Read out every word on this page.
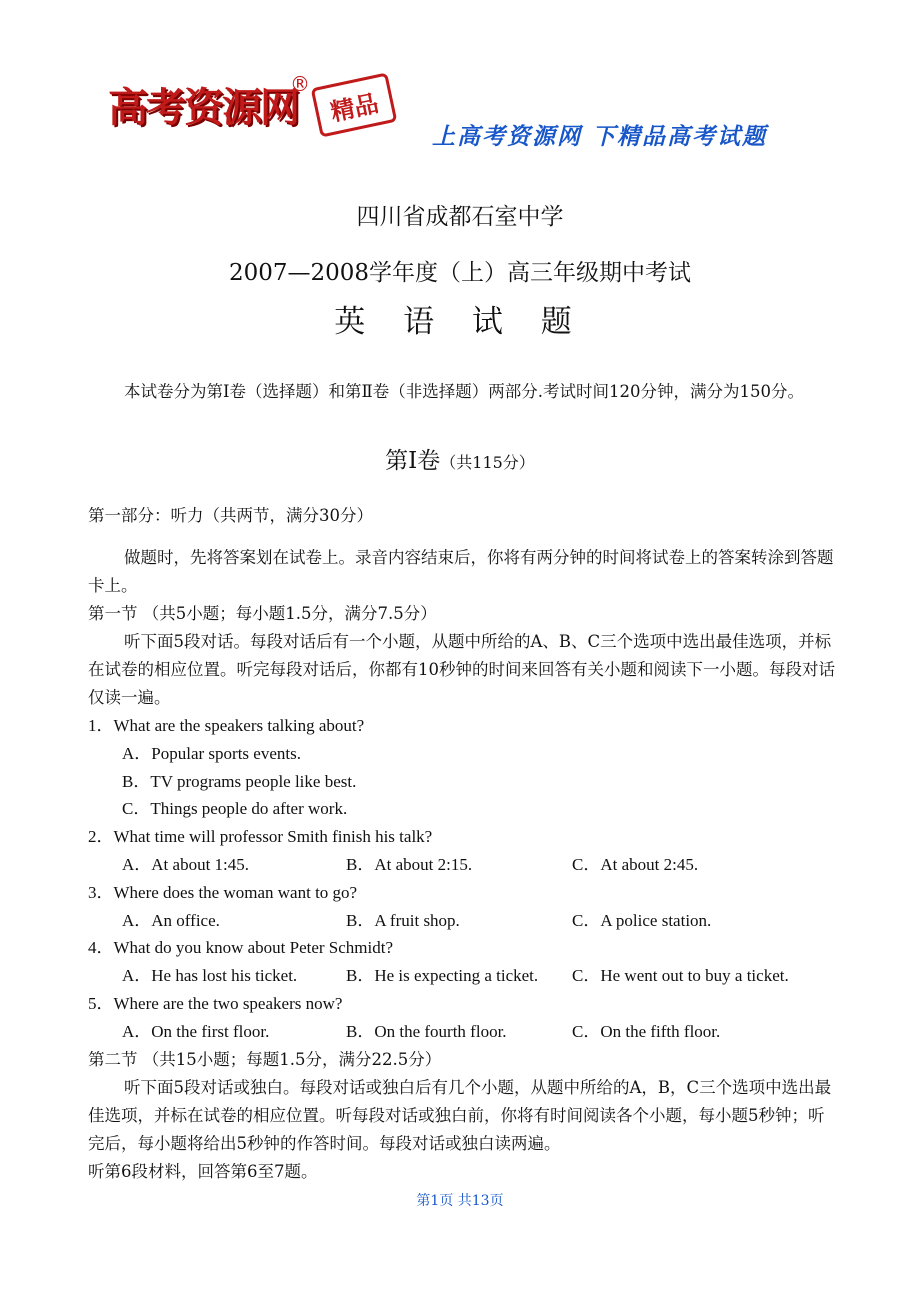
高考资源网
®
精品
上高考资源网 下精品高考试题
四川省成都石室中学
2007—2008学年度（上）高三年级期中考试
英 语 试 题
本试卷分为第Ⅰ卷（选择题）和第Ⅱ卷（非选择题）两部分.考试时间120分钟，满分为150分。
第Ⅰ卷（共115分）
第一部分：听力（共两节，满分30分）
做题时，先将答案划在试卷上。录音内容结束后，你将有两分钟的时间将试卷上的答案转涂到答题卡上。
第一节 （共5小题；每小题1.5分，满分7.5分）
听下面5段对话。每段对话后有一个小题，从题中所给的A、B、C三个选项中选出最佳选项，并标在试卷的相应位置。听完每段对话后，你都有10秒钟的时间来回答有关小题和阅读下一小题。每段对话仅读一遍。
1．What are the speakers talking about?
A．Popular sports events.
B．TV programs people like best.
C．Things people do after work.
2．What time will professor Smith finish his talk?
A．At about 1:45.	B．At about 2:15.	C．At about 2:45.
3．Where does the woman want to go?
A．An office.	B．A fruit shop.	C．A police station.
4．What do you know about Peter Schmidt?
A．He has lost his ticket.	B．He is expecting a ticket. C．He went out to buy a ticket.
5．Where are the two speakers now?
A．On the first floor.	B．On the fourth floor.	C．On the fifth floor.
第二节 （共15小题；每题1.5分，满分22.5分）
听下面5段对话或独白。每段对话或独白后有几个小题，从题中所给的A，B，C三个选项中选出最佳选项，并标在试卷的相应位置。听每段对话或独白前，你将有时间阅读各个小题，每小题5秒钟；听完后，每小题将给出5秒钟的作答时间。每段对话或独白读两遍。
听第6段材料，回答第6至7题。
第1页 共13页
